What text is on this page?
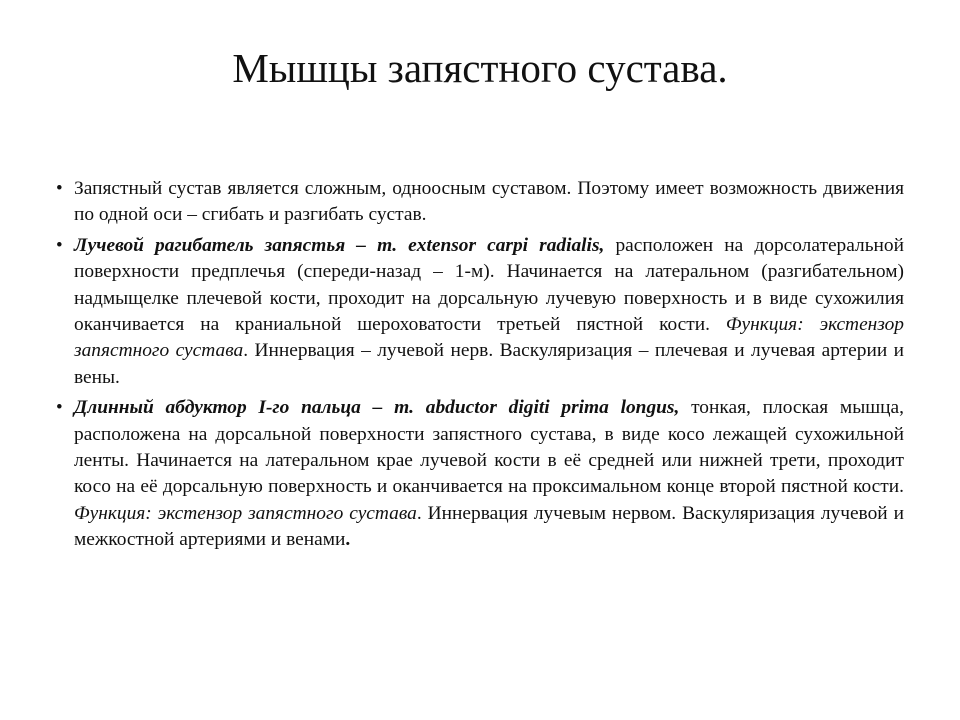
Мышцы запястного сустава.
• Запястный сустав является сложным, одноосным суставом. Поэтому имеет возможность движения по одной оси – сгибать и разгибать сустав.
• Лучевой рагибатель запястья – m. extensor carpi radialis, расположен на дорсолатеральной поверхности предплечья (спереди-назад – 1-м). Начинается на латеральном (разгибательном) надмыщелке плечевой кости, проходит на дорсальную лучевую поверхность и в виде сухожилия оканчивается на краниальной шероховатости третьей пястной кости. Функция: экстензор запястного сустава. Иннервация – лучевой нерв. Васкуляризация – плечевая и лучевая артерии и вены.
• Длинный абдуктор I-го пальца – m. abductor digiti prima longus, тонкая, плоская мышца, расположена на дорсальной поверхности запястного сустава, в виде косо лежащей сухожильной ленты. Начинается на латеральном крае лучевой кости в её средней или нижней трети, проходит косо на её дорсальную поверхность и оканчивается на проксимальном конце второй пястной кости. Функция: экстензор запястного сустава. Иннервация лучевым нервом. Васкуляризация лучевой и межкостной артериями и венами.
